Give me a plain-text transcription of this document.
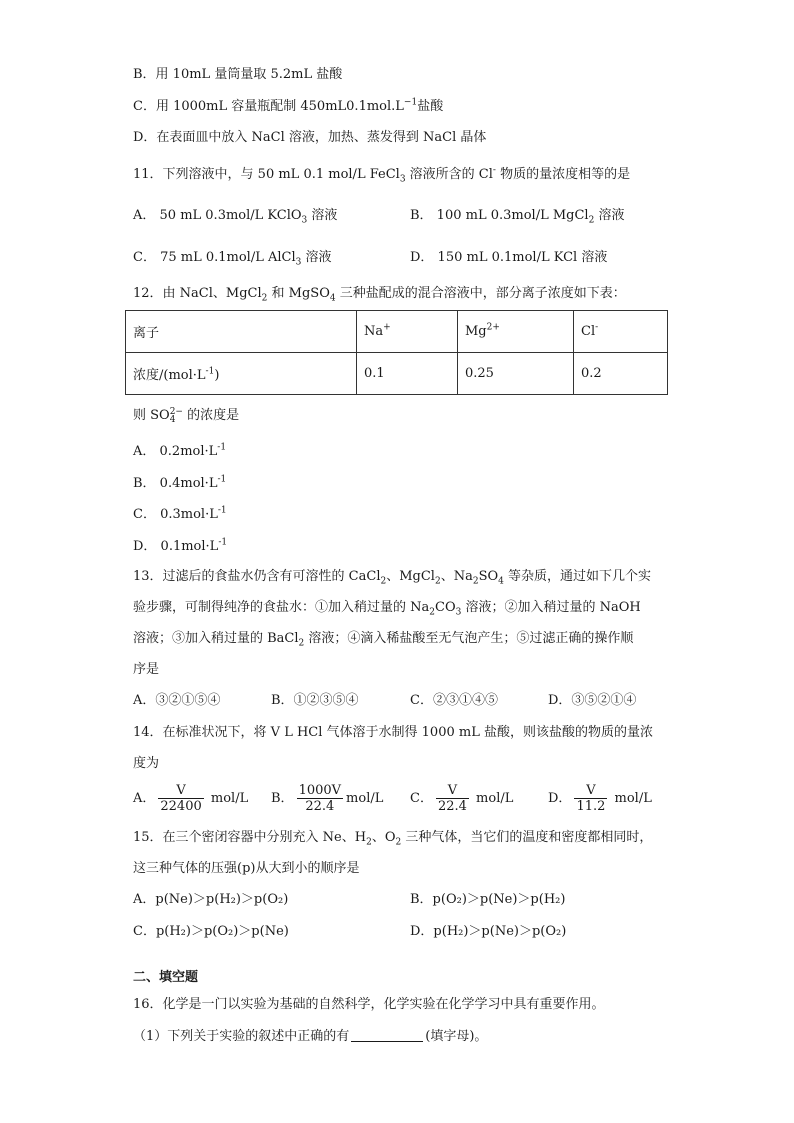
B．用 10mL 量筒量取 5.2mL 盐酸
C．用 1000mL 容量瓶配制 $450mL0.1mol.L^{-1}$盐酸
D．在表面皿中放入 NaCl 溶液，加热、蒸发得到 NaCl 晶体
11．下列溶液中，与 50 mL 0.1 mol/L FeCl$_3$ 溶液所含的 Cl- 物质的量浓度相等的是
A． 50 mL 0.3mol/L KClO$_3$ 溶液	B． 100 mL 0.3mol/L MgCl$_2$ 溶液
C． 75 mL 0.1mol/L AlCl$_3$ 溶液	D． 150 mL 0.1mol/L KCl 溶液
12．由 NaCl、MgCl$_2$ 和 MgSO$_4$ 三种盐配成的混合溶液中，部分离子浓度如下表：
离子	Na+	$Mg^{2+}$	Cl-
浓度$/(mol\cdot L^{-1})$	0.1	0.25	0.2
则 SO 2−
4 的浓度是
A． $0.2mol\cdot L^{-1}$
B． $0.4mol\cdot L^{-1}$
C． $0.3mol\cdot L^{-1}$
D． $0.1mol\cdot L^{-1}$
13．过滤后的食盐水仍含有可溶性的 CaCl$_2$、MgCl$_2$、$Na_2SO_4$ 等杂质，通过如下几个实
验步骤，可制得纯净的食盐水：①加入稍过量的 $Na_2CO_3$ 溶液；②加入稍过量的 NaOH
溶液；③加入稍过量的 BaCl$_2$ 溶液；④滴入稀盐酸至无气泡产生；⑤过滤正确的操作顺
序是
A．③②①⑤④	B．①②③⑤④	C．②③①④⑤	D．③⑤②①④
14．在标准状况下，将 V L HCl 气体溶于水制得 1000 mL 盐酸，则该盐酸的物质的量浓
度为
A． $\frac{V}{22400} mol/L$ B． $\frac{1000V}{22.4} mol/L$ C． $\frac{V}{22.4} mol/L$	D． $\frac{V}{11.2} mol/L$
15．在三个密闭容器中分别充入 Ne、$H_2$、$O_2$ 三种气体，当它们的温度和密度都相同时，
这三种气体的压强(p)从大到小的顺序是
A．p(Ne)＞p(H₂)＞p(O₂)	B．p(O₂)＞p(Ne)＞p(H₂)
C．p(H₂)＞p(O₂)＞p(Ne)	D．p(H₂)＞p(Ne)＞p(O₂)
二、填空题
16．化学是一门以实验为基础的自然科学，化学实验在化学学习中具有重要作用。
（1）下列关于实验的叙述中正确的有	(填字母)。
